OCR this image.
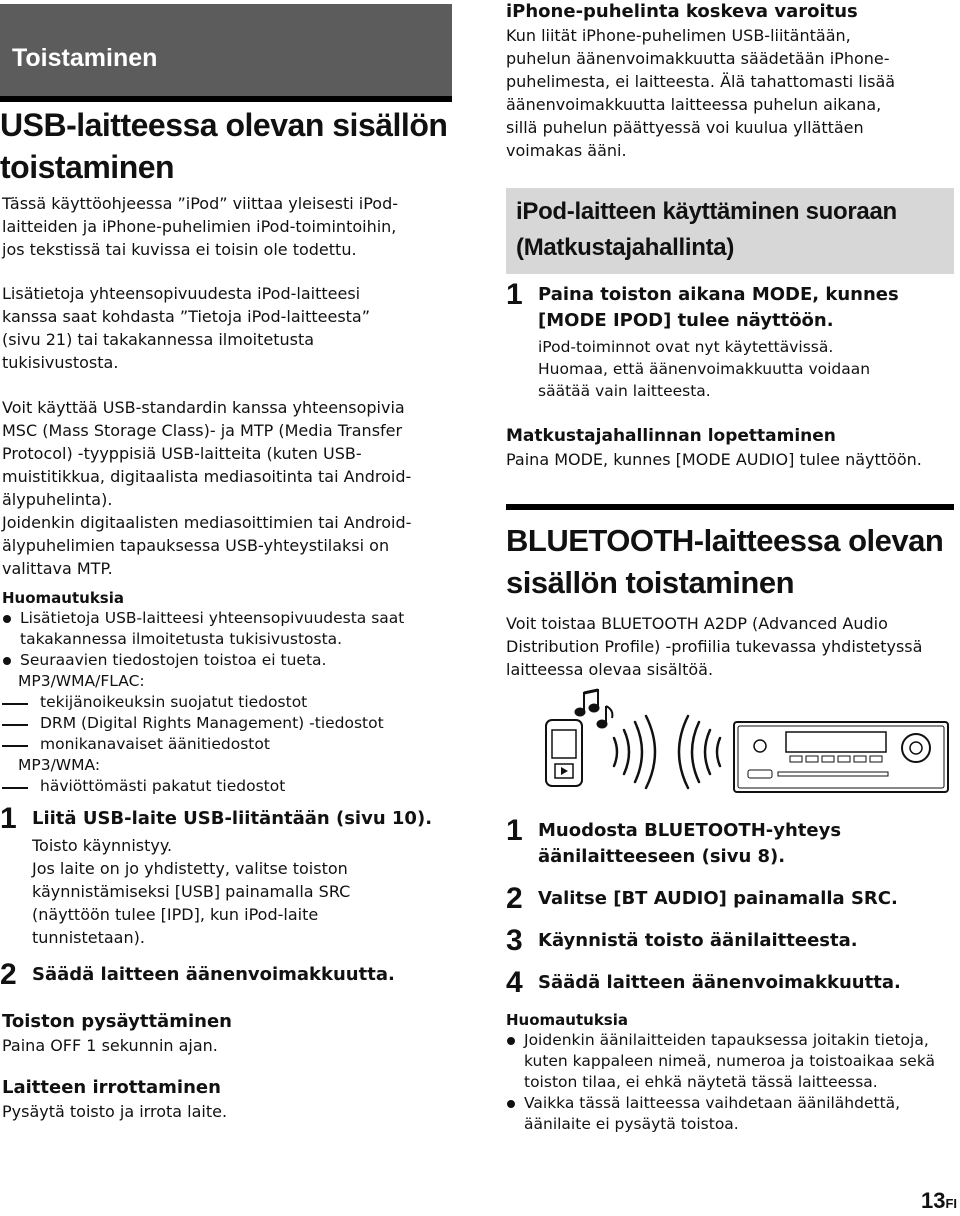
Toistaminen
USB-laitteessa olevan sisällön
toistaminen

Tässä käyttöohjeessa ”iPod” viittaa yleisesti iPod-
laitteiden ja iPhone-puhelimien iPod-toimintoihin,
jos tekstissä tai kuvissa ei toisin ole todettu.

Lisätietoja yhteensopivuudesta iPod-laitteesi
kanssa saat kohdasta ”Tietoja iPod-laitteesta”
(sivu 21) tai takakannessa ilmoitetusta
tukisivustosta.

Voit käyttää USB-standardin kanssa yhteensopivia
MSC (Mass Storage Class)- ja MTP (Media Transfer
Protocol) -tyyppisiä USB-laitteita (kuten USB-
muistitikkua, digitaalista mediasoitinta tai Android-
älypuhelinta).
Joidenkin digitaalisten mediasoittimien tai Android-
älypuhelimien tapauksessa USB-yhteystilaksi on
valittava MTP.

Huomautuksia
Lisätietoja USB-laitteesi yhteensopivuudesta saat
takakannessa ilmoitetusta tukisivustosta.
Seuraavien tiedostojen toistoa ei tueta.

MP3/WMA/FLAC:

tekijänoikeuksin suojatut tiedostot
DRM (Digital Rights Management) -tiedostot
monikanavaiset äänitiedostot

MP3/WMA:

häviöttömästi pakatut tiedostot
1 Liitä USB-laite USB-liitäntään (sivu 10).

Toisto käynnistyy.
Jos laite on jo yhdistetty, valitse toiston
käynnistämiseksi [USB] painamalla SRC
(näyttöön tulee [IPD], kun iPod-laite
tunnistetaan).

2 Säädä laitteen äänenvoimakkuutta.

Toiston pysäyttäminen

Paina OFF 1 sekunnin ajan.

Laitteen irrottaminen

Pysäytä toisto ja irrota laite.

iPhone-puhelinta koskeva varoitus

Kun liität iPhone-puhelimen USB-liitäntään,
puhelun äänenvoimakkuutta säädetään iPhone-
puhelimesta, ei laitteesta. Älä tahattomasti lisää
äänenvoimakkuutta laitteessa puhelun aikana,
sillä puhelun päättyessä voi kuulua yllättäen
voimakas ääni.

iPod-laitteen käyttäminen suoraan
(Matkustajahallinta)
1 Paina toiston aikana MODE, kunnes
[MODE IPOD] tulee näyttöön.

iPod-toiminnot ovat nyt käytettävissä.
Huomaa, että äänenvoimakkuutta voidaan
säätää vain laitteesta.

Matkustajahallinnan lopettaminen

Paina MODE, kunnes [MODE AUDIO] tulee näyttöön.

BLUETOOTH-laitteessa olevan
sisällön toistaminen

Voit toistaa BLUETOOTH A2DP (Advanced Audio
Distribution Profile) -profiilia tukevassa yhdistetyssä
laitteessa olevaa sisältöä.

1 Muodosta BLUETOOTH-yhteys
äänilaitteeseen (sivu 8).

2 Valitse [BT AUDIO] painamalla SRC.

3 Käynnistä toisto äänilaitteesta.

4 Säädä laitteen äänenvoimakkuutta.

Huomautuksia
Joidenkin äänilaitteiden tapauksessa joitakin tietoja,
kuten kappaleen nimeä, numeroa ja toistoaikaa sekä
toiston tilaa, ei ehkä näytetä tässä laitteessa.
Vaikka tässä laitteessa vaihdetaan äänilähdettä,
äänilaite ei pysäytä toistoa.
13FI
